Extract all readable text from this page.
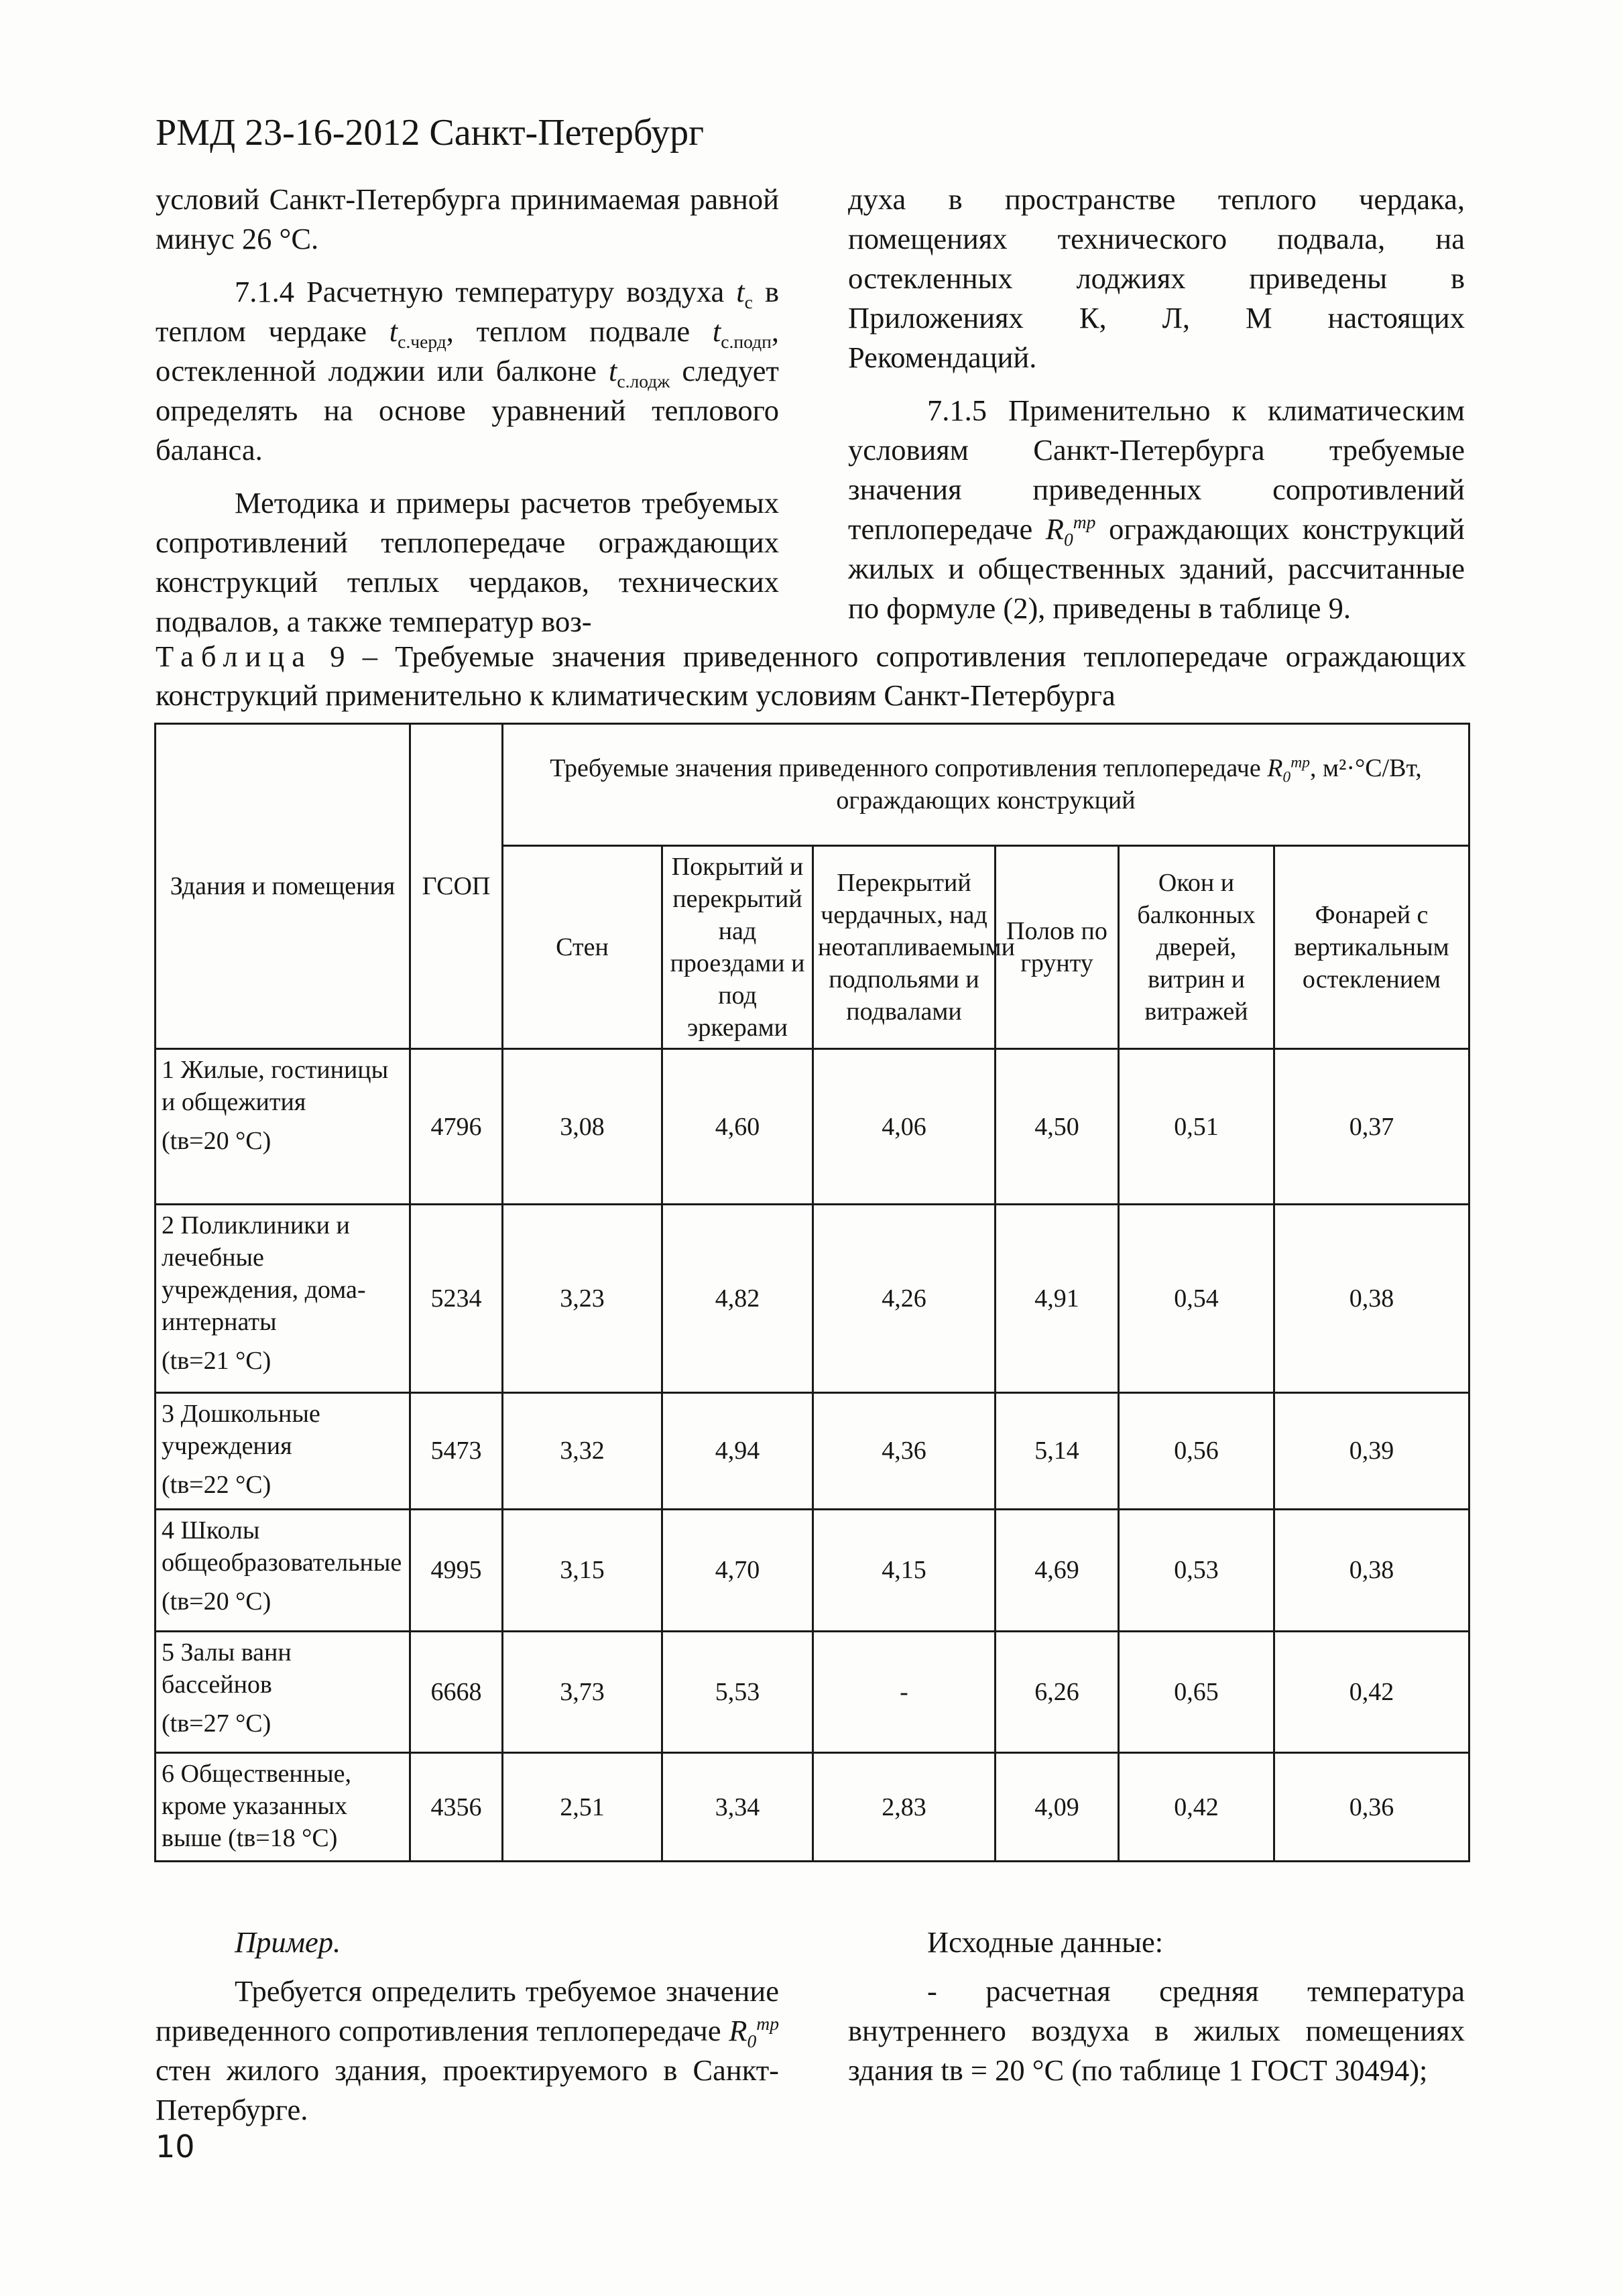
РМД 23-16-2012 Санкт-Петербург

условий Санкт-Петербурга принимаемая равной минус 26 °С.

7.1.4 Расчетную температуру воздуха $t_с$ в теплом чердаке $t_{с.черд}$, теплом подвале $t_{с.подп}$, остекленной лоджии или балконе $t_{с.лодж}$ следует определять на основе уравнений теплового баланса.

Методика и примеры расчетов требуемых сопротивлений теплопередаче ограждающих конструкций теплых чердаков, технических подвалов, а также температур воз-

духа в пространстве теплого чердака, помещениях технического подвала, на остекленных лоджиях приведены в Приложениях К, Л, М настоящих Рекомендаций.

7.1.5 Применительно к климатическим условиям Санкт-Петербурга требуемые значения приведенных сопротивлений теплопередаче $R_0^{тр}$ ограждающих конструкций жилых и общественных зданий, рассчитанные по формуле (2), приведены в таблице 9.

Таблица 9 – Требуемые значения приведенного сопротивления теплопередаче ограждающих конструкций применительно к климатическим условиям Санкт-Петербурга
Здания и помещения	ГСОП	Требуемые значения приведенного сопротивления теплопередаче $R_0^{тр}$, м²·°С/Вт, ограждающих конструкций					
		Стен	Покрытий и перекрытий над проездами и под эркерами	Перекрытий чердачных, над неотапливаемыми подпольями и подвалами	Полов по грунту	Окон и балконных дверей, витрин и витражей	Фонарей с вертикальным остеклением
1 Жилые, гостиницы и общежития
(tв=20 °С)	4796	3,08	4,60	4,06	4,50	0,51	0,37
2 Поликлиники и лечебные учреждения, дома-интернаты
(tв=21 °С)	5234	3,23	4,82	4,26	4,91	0,54	0,38
3 Дошкольные учреждения
(tв=22 °С)	5473	3,32	4,94	4,36	5,14	0,56	0,39
4 Школы общеобразовательные
(tв=20 °С)	4995	3,15	4,70	4,15	4,69	0,53	0,38
5 Залы ванн бассейнов
(tв=27 °С)	6668	3,73	5,53	-	6,26	0,65	0,42
6 Общественные, кроме указанных выше (tв=18 °С)	4356	2,51	3,34	2,83	4,09	0,42	0,36

Пример.

Требуется определить требуемое значение приведенного сопротивления теплопередаче $R_0^{тр}$ стен жилого здания, проектируемого в Санкт-Петербурге.

Исходные данные:

- расчетная средняя температура внутреннего воздуха в жилых помещениях здания tв = 20 °С (по таблице 1 ГОСТ 30494);

10
